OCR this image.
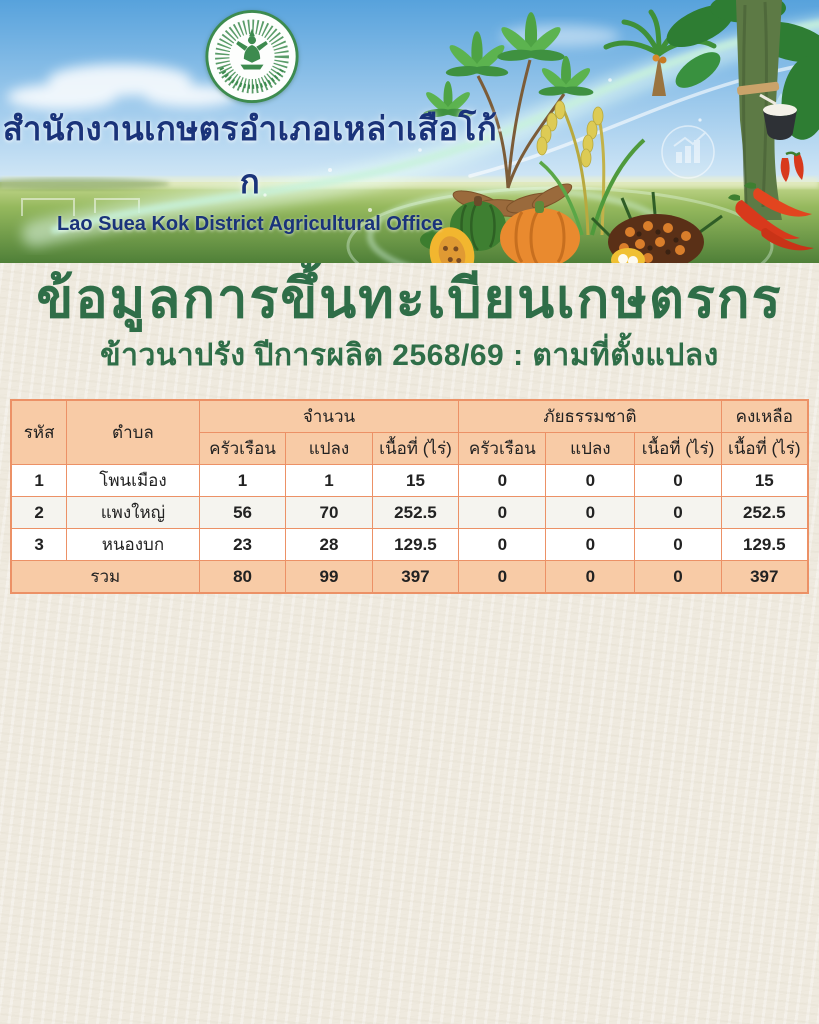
สำนักงานเกษตรอำเภอเหล่าเสือโก้ก
Lao Suea Kok District Agricultural Office
ข้อมูลการขึ้นทะเบียนเกษตรกร
ข้าวนาปรัง ปีการผลิต 2568/69 : ตามที่ตั้งแปลง
รหัส	ตำบล	จำนวน			ภัยธรรมชาติ			คงเหลือ
		ครัวเรือน	แปลง	เนื้อที่ (ไร่)	ครัวเรือน	แปลง	เนื้อที่ (ไร่)	เนื้อที่ (ไร่)
1	โพนเมือง	1	1	15	0	0	0	15
2	แพงใหญ่	56	70	252.5	0	0	0	252.5
3	หนองบก	23	28	129.5	0	0	0	129.5
รวม		80	99	397	0	0	0	397
